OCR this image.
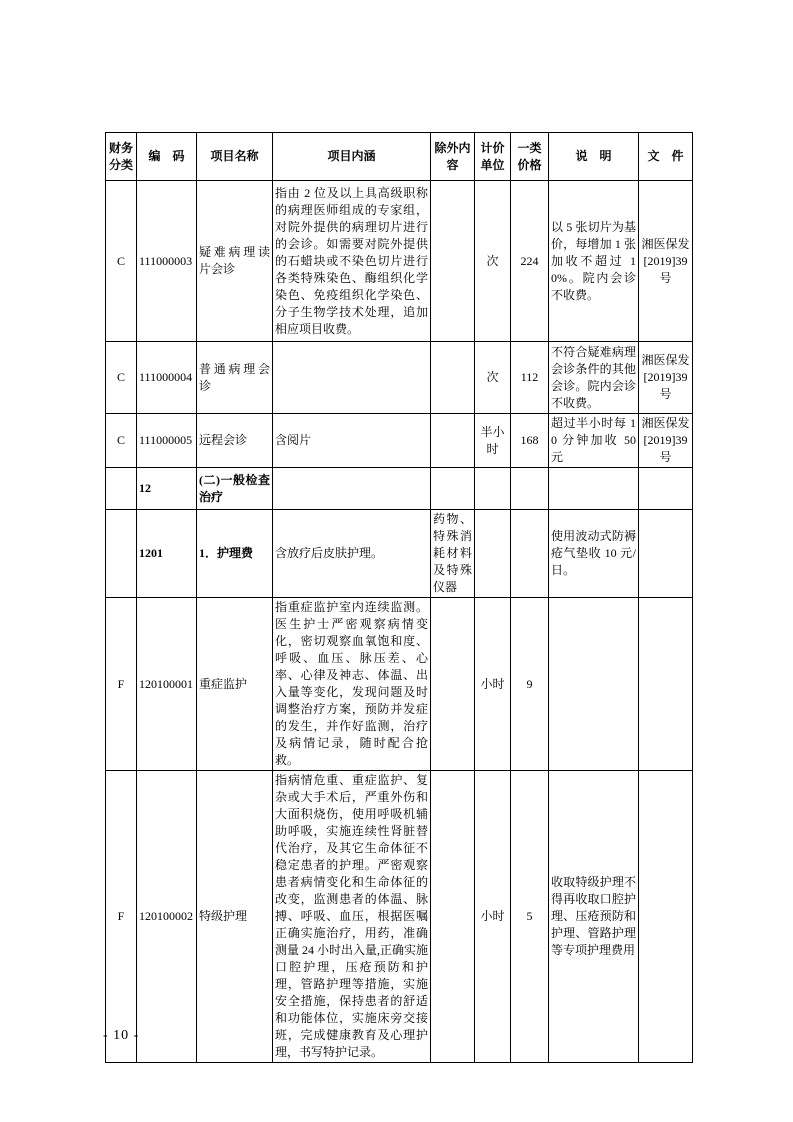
财务分类	编　码	项目名称	项目内涵	除外内容	计价单位	一类价格	说　明	文　件
C	111000003	疑难病理读片会诊	指由 2 位及以上具高级职称的病理医师组成的专家组，对院外提供的病理切片进行的会诊。如需要对院外提供的石蜡块或不染色切片进行各类特殊染色、酶组织化学染色、免疫组织化学染色、分子生物学技术处理，追加相应项目收费。		次	224	以 5 张切片为基价，每增加 1 张加收不超过 10%。院内会诊不收费。	湘医保发[2019]39号
C	111000004	普通病理会诊			次	112	不符合疑难病理会诊条件的其他会诊。院内会诊不收费。	湘医保发[2019]39号
C	111000005	远程会诊	含阅片		半小时	168	超过半小时每 10 分钟加收 50 元	湘医保发[2019]39号
	12	(二)一般检查治疗						
	1201	1．护理费	含放疗后皮肤护理。	药物、特殊消耗材料及特殊仪器			使用波动式防褥疮气垫收 10 元/日。	
F	120100001	重症监护	指重症监护室内连续监测。医生护士严密观察病情变化，密切观察血氧饱和度、呼吸、血压、脉压差、心率、心律及神志、体温、出入量等变化，发现问题及时调整治疗方案，预防并发症的发生，并作好监测，治疗及病情记录，随时配合抢救。		小时	9		
F	120100002	特级护理	指病情危重、重症监护、复杂或大手术后，严重外伤和大面积烧伤，使用呼吸机辅助呼吸，实施连续性肾脏替代治疗，及其它生命体征不稳定患者的护理。严密观察患者病情变化和生命体征的改变，监测患者的体温、脉搏、呼吸、血压，根据医嘱正确实施治疗，用药，准确测量 24 小时出入量,正确实施口腔护理，压疮预防和护理，管路护理等措施，实施安全措施，保持患者的舒适和功能体位，实施床旁交接班，完成健康教育及心理护理，书写特护记录。		小时	5	收取特级护理不得再收取口腔护理、压疮预防和护理、管路护理等专项护理费用	
- 10 -
